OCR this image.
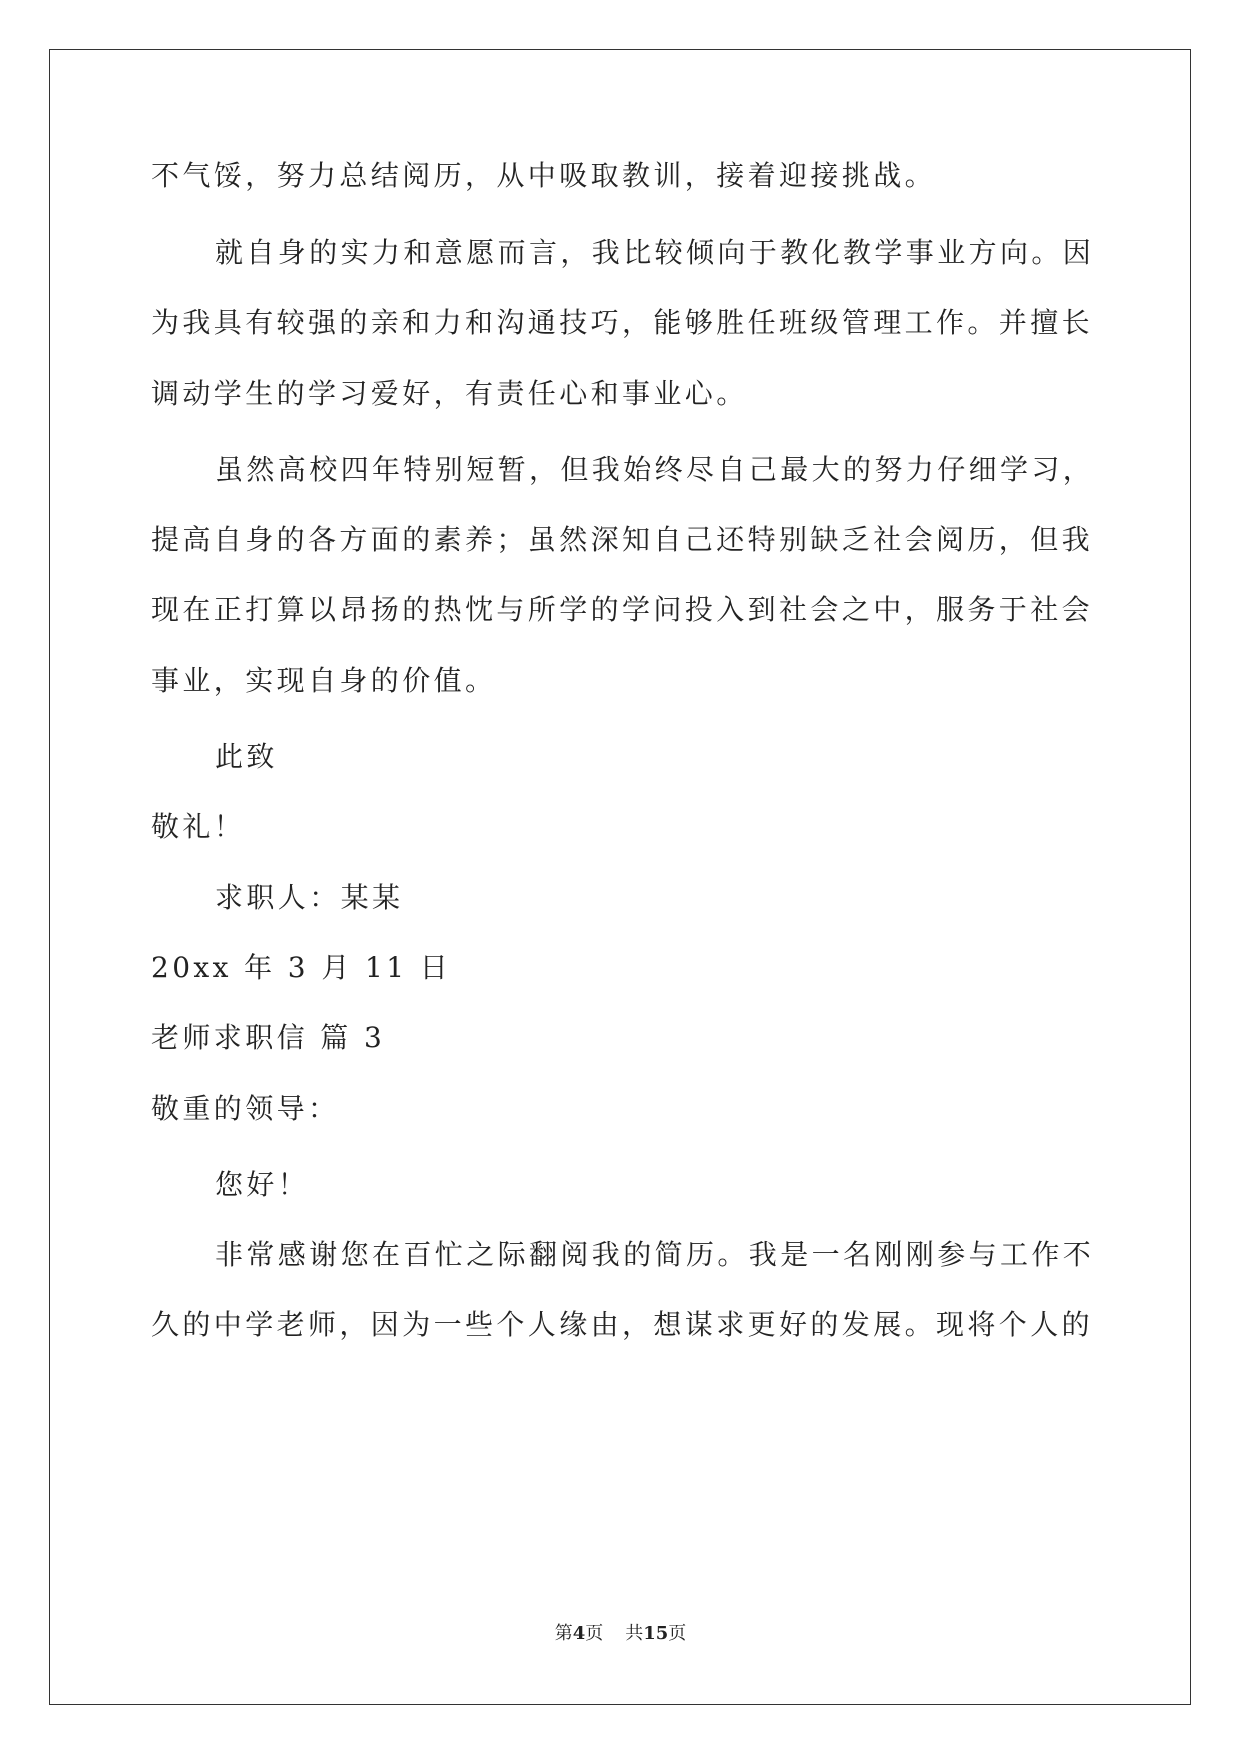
不气馁，努力总结阅历，从中吸取教训，接着迎接挑战。
就自身的实力和意愿而言，我比较倾向于教化教学事业方向。因
为我具有较强的亲和力和沟通技巧，能够胜任班级管理工作。并擅长
调动学生的学习爱好，有责任心和事业心。
虽然高校四年特别短暂，但我始终尽自己最大的努力仔细学习，
提高自身的各方面的素养；虽然深知自己还特别缺乏社会阅历，但我
现在正打算以昂扬的热忱与所学的学问投入到社会之中，服务于社会
事业，实现自身的价值。
此致
敬礼！
求职人：某某
20xx 年 3 月 11 日
老师求职信 篇 3
敬重的领导：
您好！
非常感谢您在百忙之际翻阅我的简历。我是一名刚刚参与工作不
久的中学老师，因为一些个人缘由，想谋求更好的发展。现将个人的
第4页 共15页
